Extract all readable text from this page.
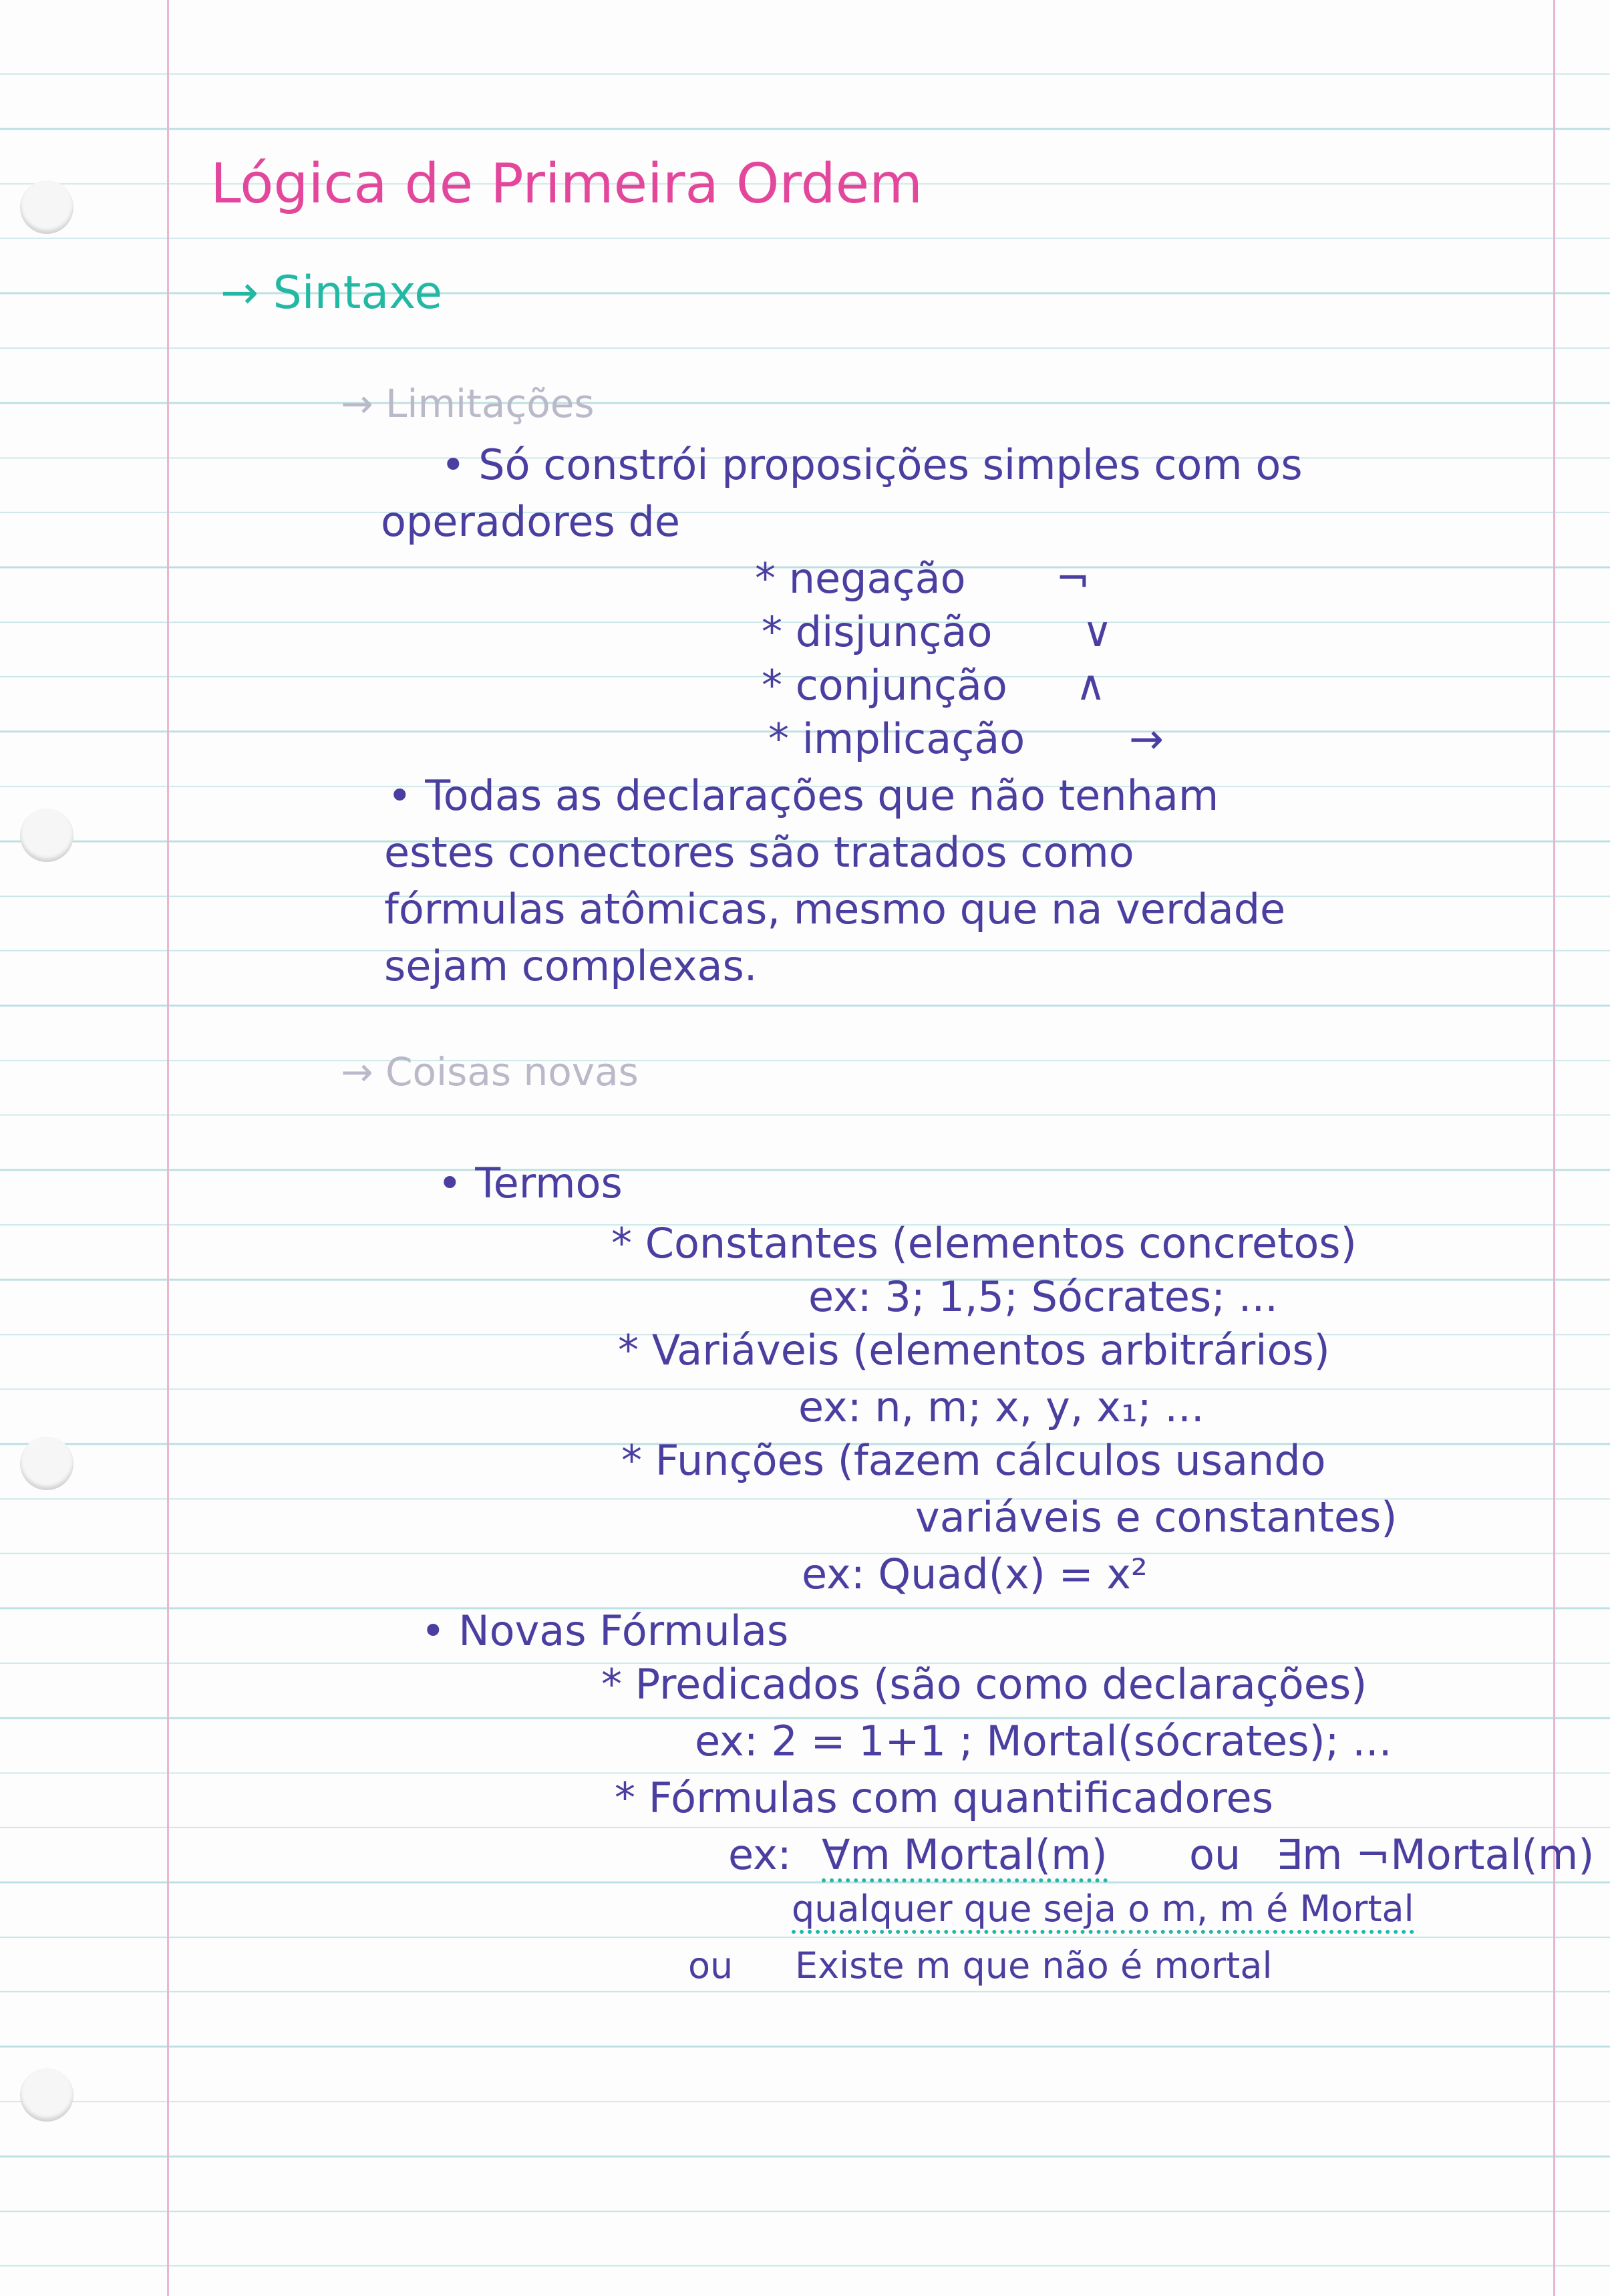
Lógica de Primeira Ordem
→ Sintaxe
→ Limitações
• Só constrói proposições simples com os
operadores de
* negação ¬
* disjunção ∨
* conjunção ∧
* implicação	→
• Todas as declarações que não tenham
estes conectores são tratados como
fórmulas atômicas, mesmo que na verdade
sejam complexas.
→ Coisas novas
• Termos
* Constantes (elementos concretos)
ex: 3; 1,5; Sócrates; ...
* Variáveis (elementos arbitrários)
ex: n, m; x, y, x₁; ...
* Funções (fazem cálculos usando
variáveis e constantes)
ex: Quad(x) = x²
• Novas Fórmulas
* Predicados (são como declarações)
ex: 2 = 1+1 ; Mortal(sócrates); ...
* Fórmulas com quantificadores
ex: ∀m Mortal(m) ou ∃m ¬Mortal(m)
qualquer que seja o m, m é Mortal
ou Existe m que não é mortal
